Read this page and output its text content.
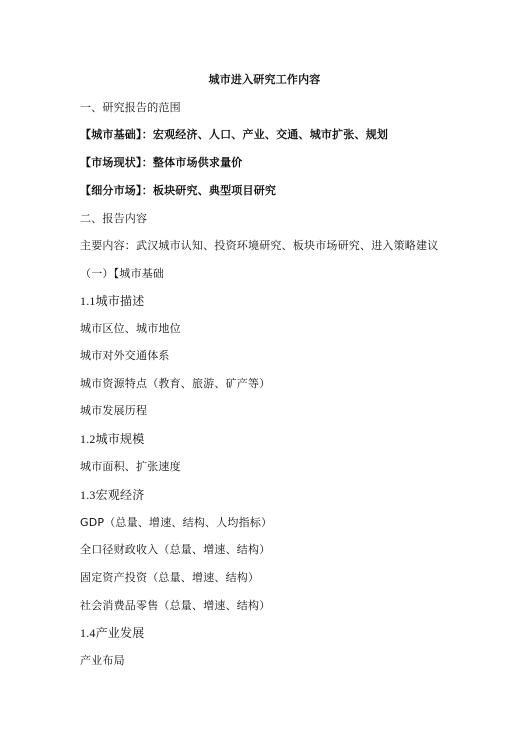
城市进入研究工作内容
一、研究报告的范围
【城市基础】：宏观经济、人口、产业、交通、城市扩张、规划
【市场现状】：整体市场供求量价
【细分市场】：板块研究、典型项目研究
二、报告内容
主要内容：武汉城市认知、投资环境研究、板块市场研究、进入策略建议
（一）【城市基础
1.1城市描述
城市区位、城市地位
城市对外交通体系
城市资源特点（教育、旅游、矿产等）
城市发展历程
1.2城市规模
城市面积、扩张速度
1.3宏观经济
GDP（总量、增速、结构、人均指标）
全口径财政收入（总量、增速、结构）
固定资产投资（总量、增速、结构）
社会消费品零售（总量、增速、结构）
1.4产业发展
产业布局
